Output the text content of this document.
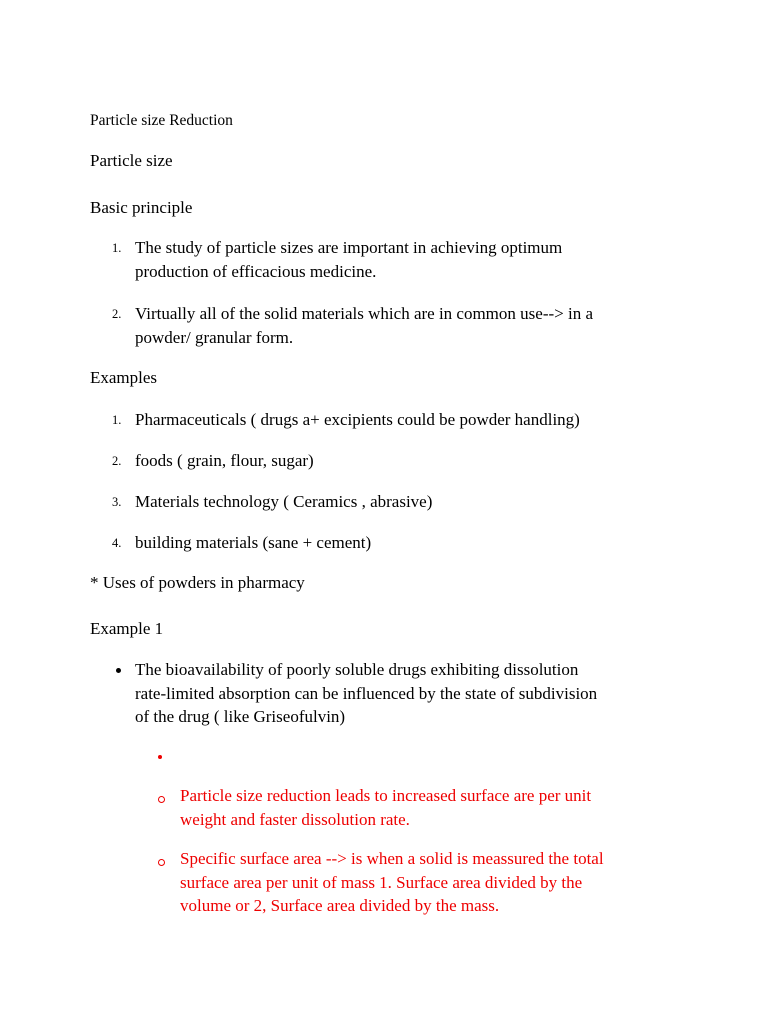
Particle size Reduction
Particle size
Basic principle
1. The study of particle sizes are important in achieving optimum
production of efficacious medicine.
2. Virtually all of the solid materials which are in common use--> in a
powder/ granular form.
Examples
1. Pharmaceuticals ( drugs a+ excipients could be powder handling)
2. foods ( grain, flour, sugar)
3. Materials technology ( Ceramics , abrasive)
4. building materials (sane + cement)
* Uses of powders in pharmacy
Example 1
The bioavailability of poorly soluble drugs exhibiting dissolution
rate-limited absorption can be influenced by the state of subdivision
of the drug ( like Griseofulvin)
Particle size reduction leads to increased surface are per unit
weight and faster dissolution rate.
Specific surface area --> is when a solid is meassured the total
surface area per unit of mass 1. Surface area divided by the
volume or 2, Surface area divided by the mass.
